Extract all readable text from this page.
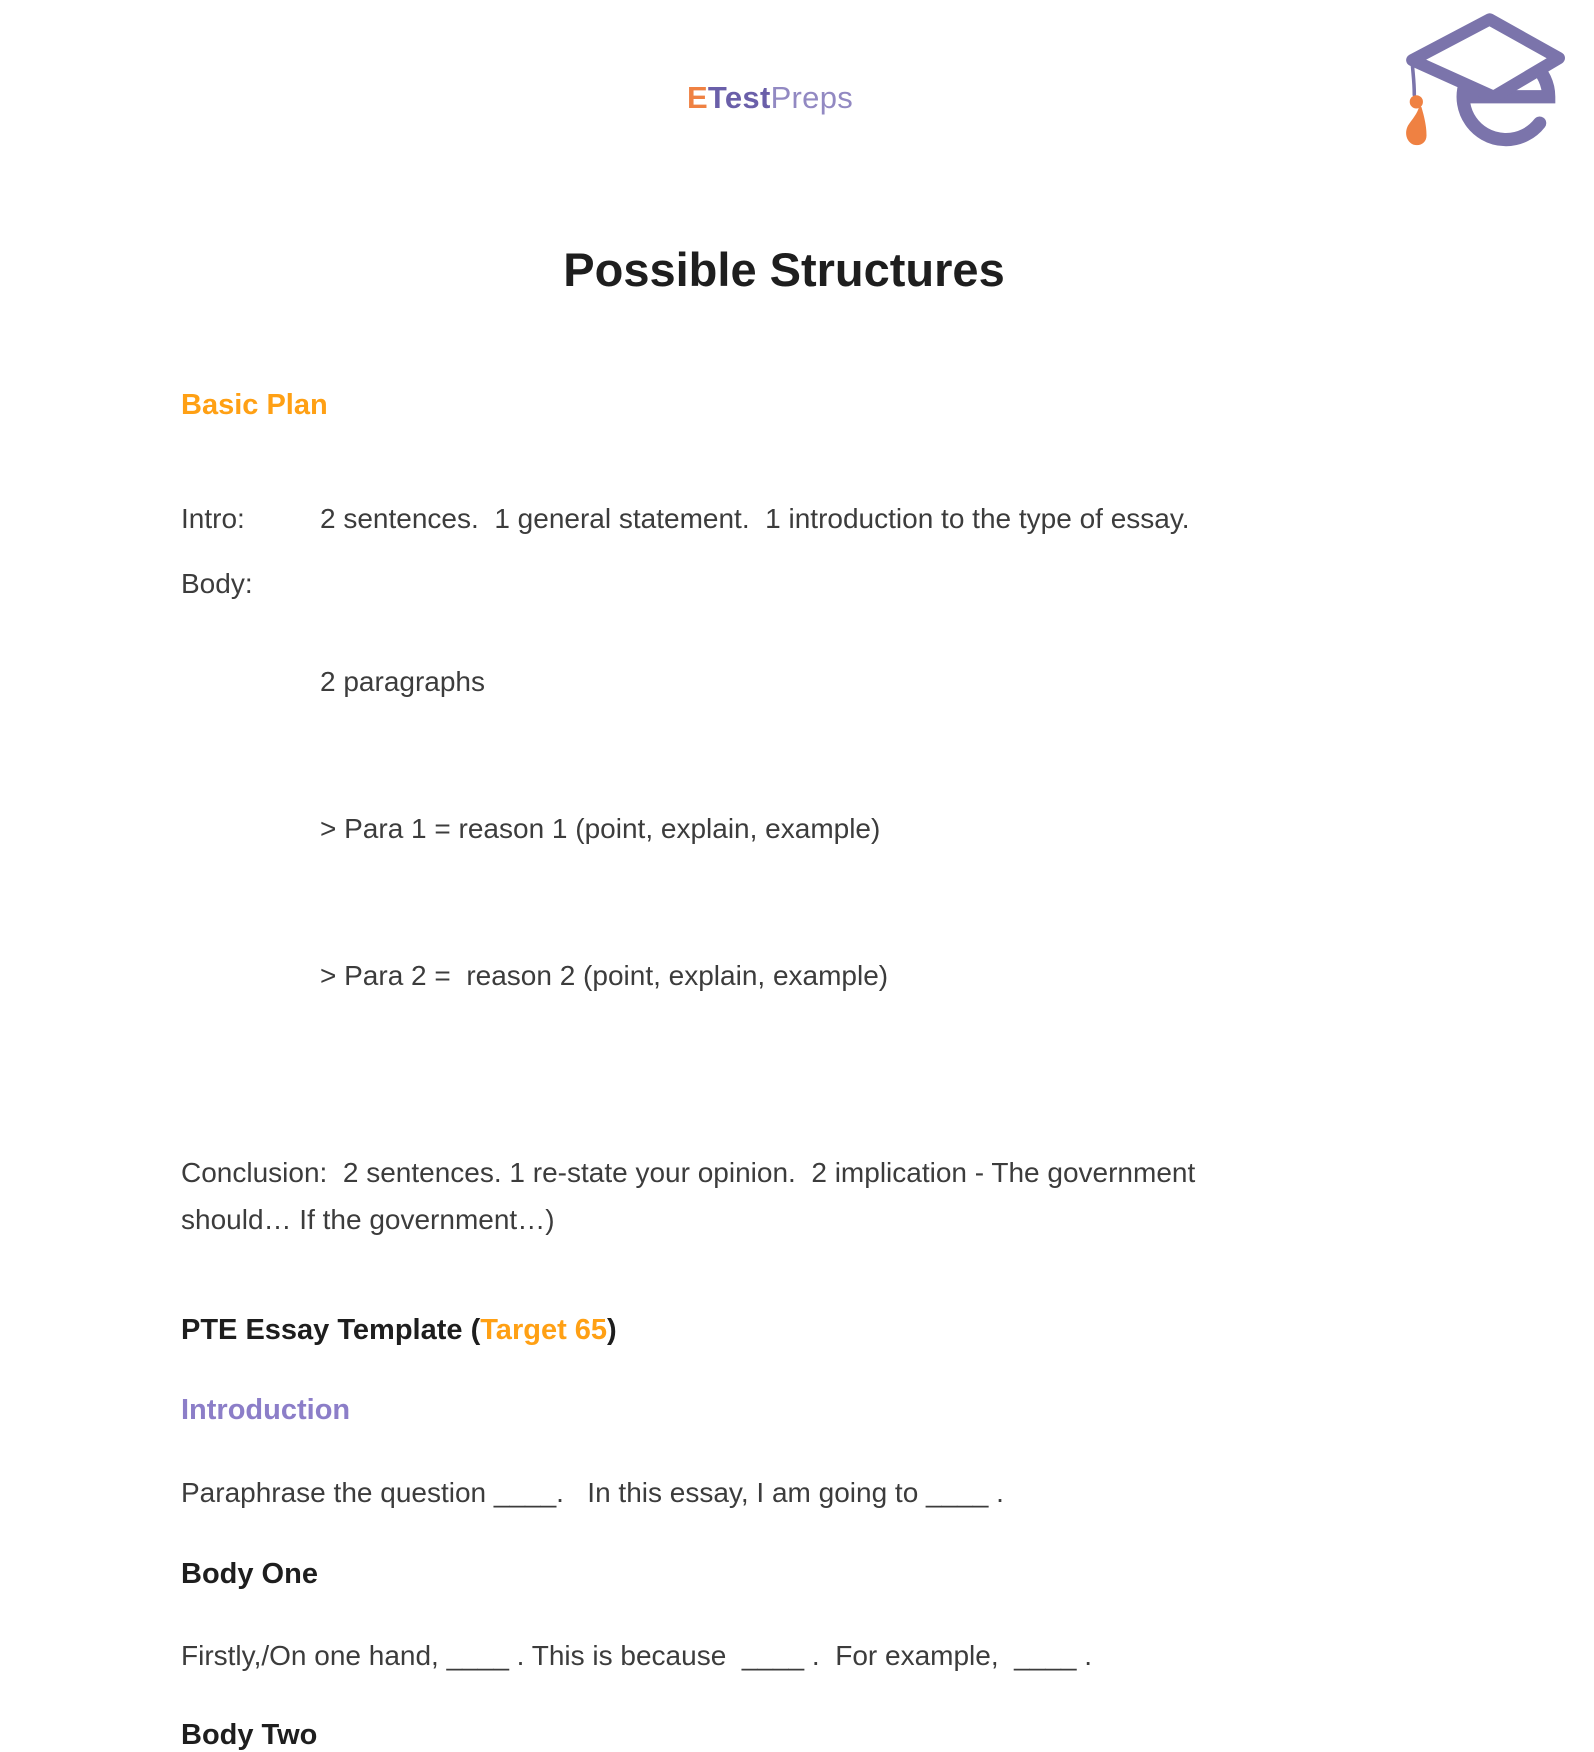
ETestPreps
Possible Structures
Basic Plan
Intro:	2 sentences.  1 general statement.  1 introduction to the type of essay.
Body:

2 paragraphs

> Para 1 = reason 1 (point, explain, example)

> Para 2 =  reason 2 (point, explain, example)

Conclusion:  2 sentences. 1 re-state your opinion.  2 implication - The government
should… If the government…)

PTE Essay Template (Target 65)
Introduction

Paraphrase the question ____.   In this essay, I am going to ____ .

Body One

Firstly,/On one hand, ____ . This is because  ____ .  For example,  ____ .

Body Two
